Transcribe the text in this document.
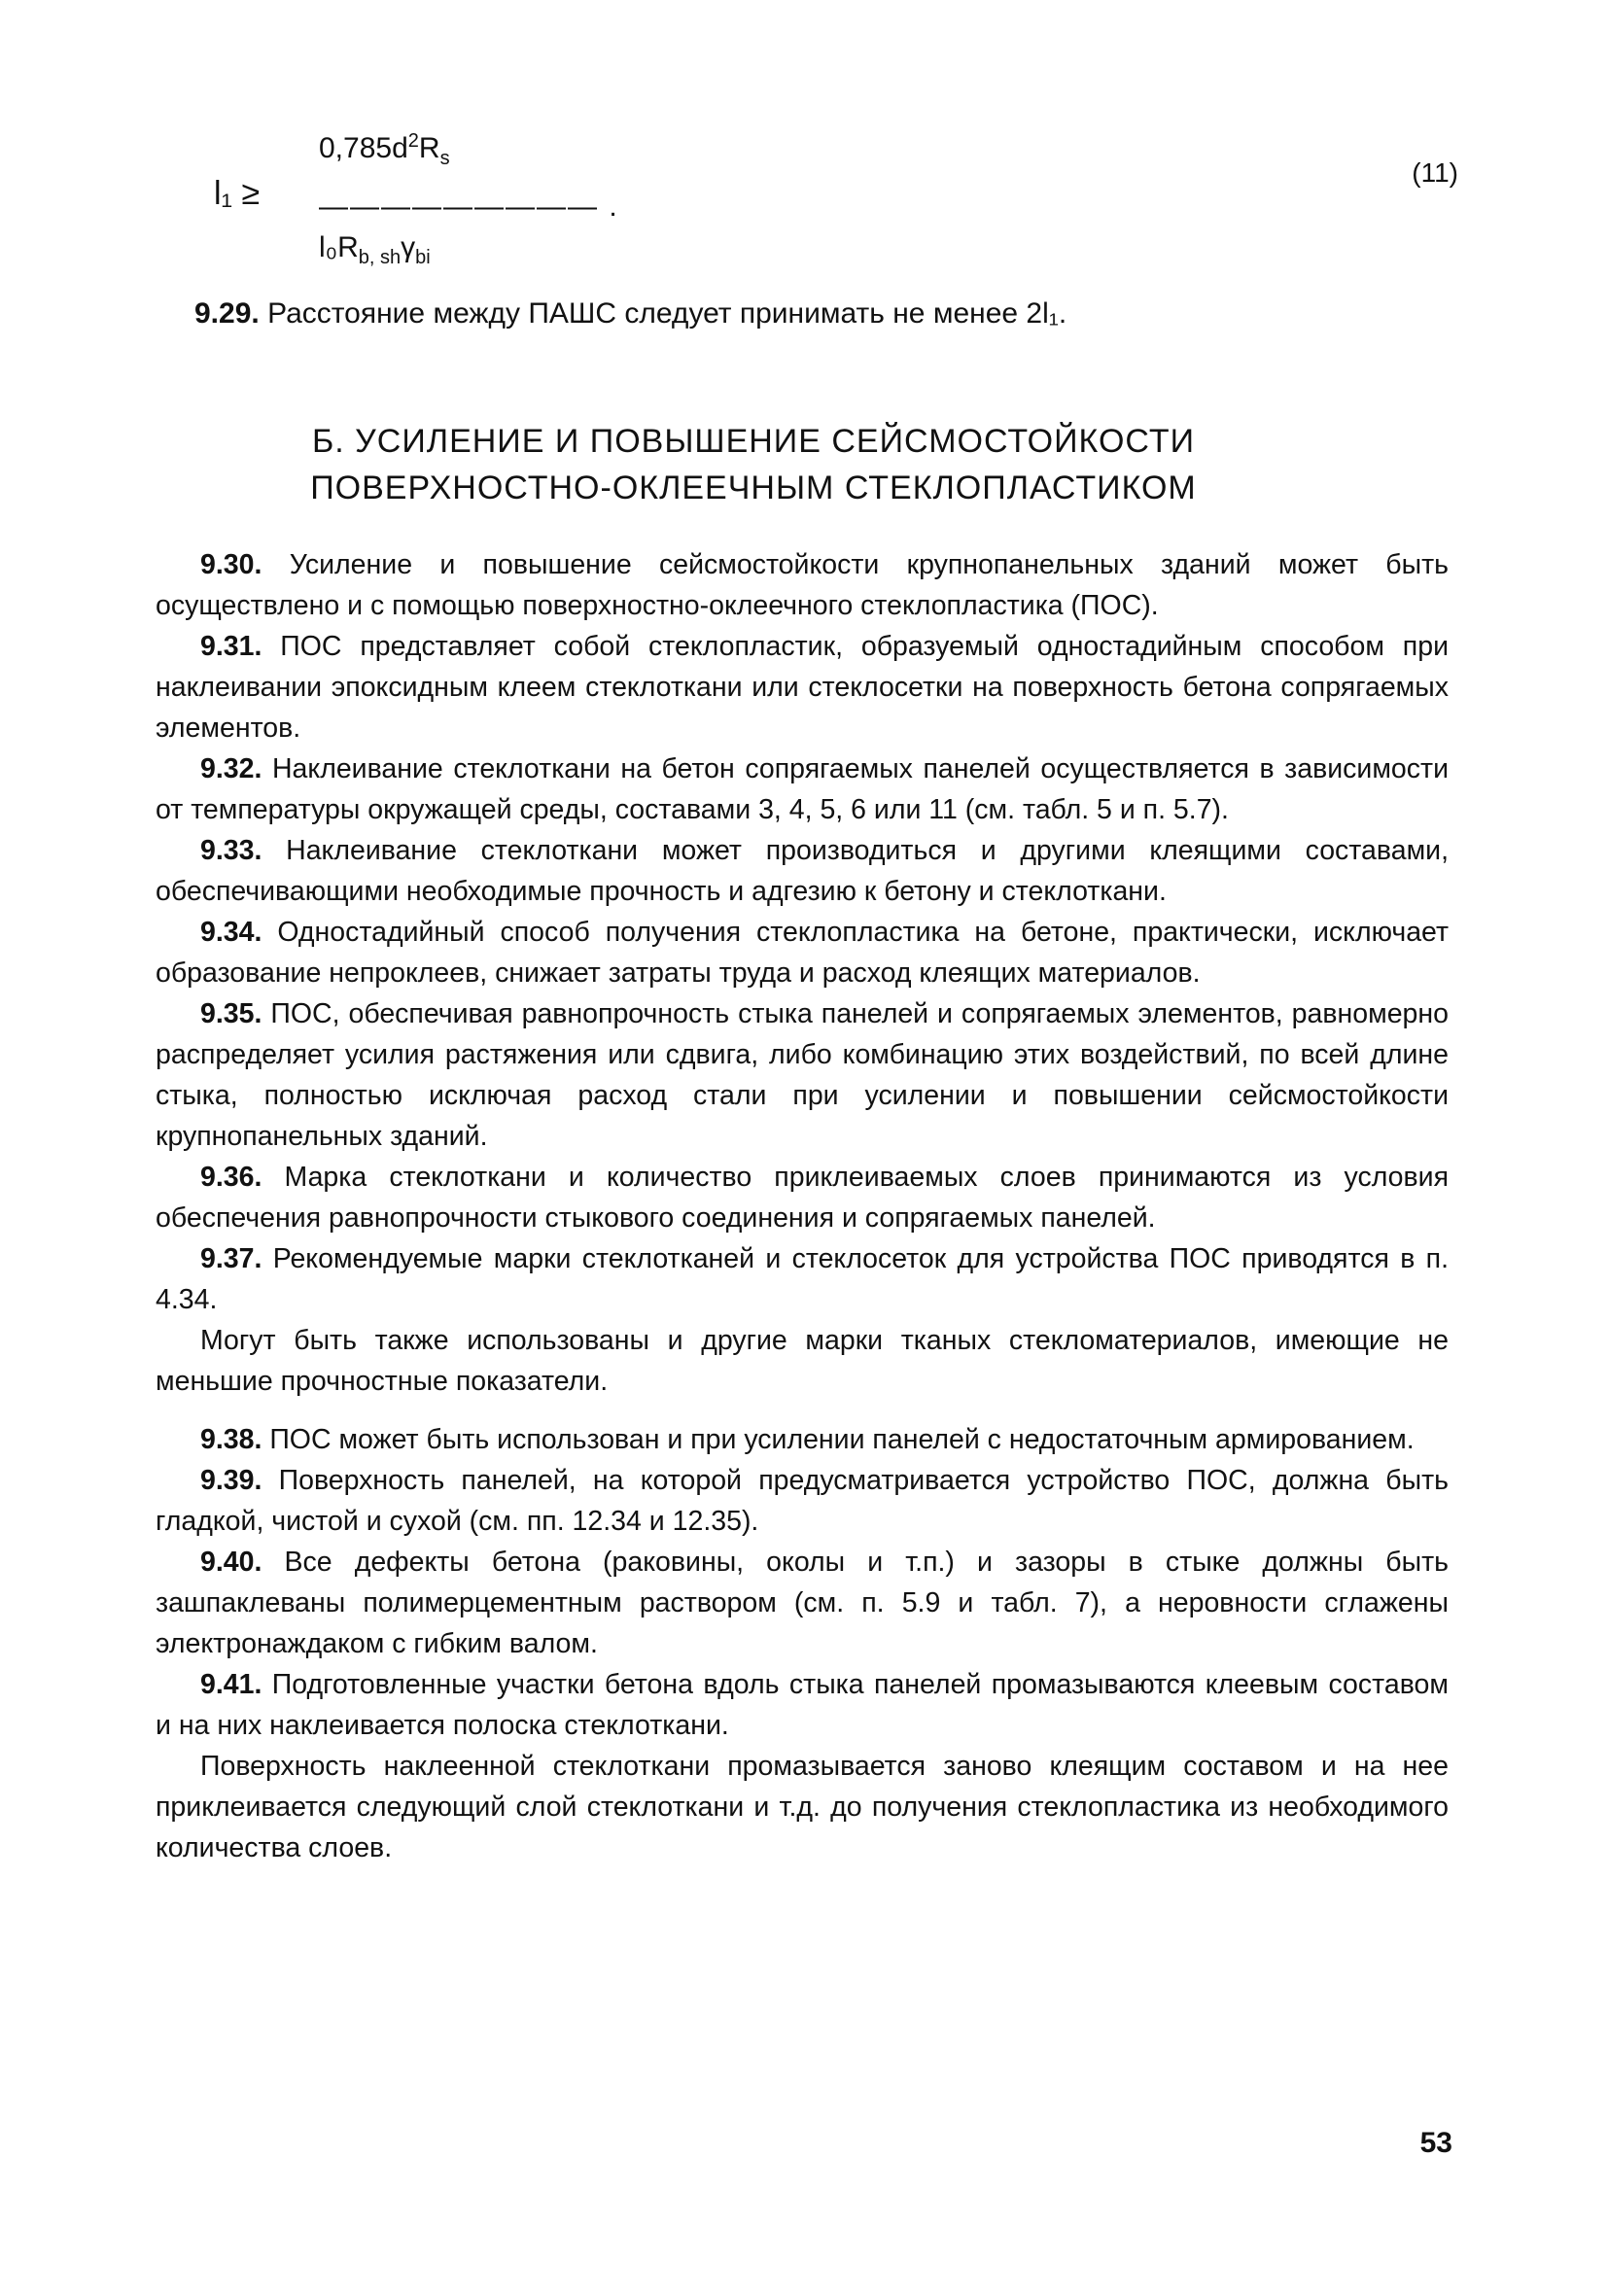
l₁ ≥
$0,785d^2R_s$
――――――――― .
$l_0R_{b, sh}\gamma_{bi}$
(11)
9.29. Расстояние между ПАШС следует принимать не менее 2l₁.
Б. УСИЛЕНИЕ И ПОВЫШЕНИЕ СЕЙСМОСТОЙКОСТИ
ПОВЕРХНОСТНО-ОКЛЕЕЧНЫМ СТЕКЛОПЛАСТИКОМ

9.30. Усиление и повышение сейсмостойкости крупнопанельных зданий может быть осуществлено и с помощью поверхностно-оклеечного стеклопластика (ПОС).

9.31. ПОС представляет собой стеклопластик, образуемый одностадийным способом при наклеивании эпоксидным клеем стеклоткани или стеклосетки на поверхность бетона сопрягаемых элементов.

9.32. Наклеивание стеклоткани на бетон сопрягаемых панелей осуществляется в зависимости от температуры окружащей среды, составами 3, 4, 5, 6 или 11 (см. табл. 5 и п. 5.7).

9.33. Наклеивание стеклоткани может производиться и другими клеящими составами, обеспечивающими необходимые прочность и адгезию к бетону и стеклоткани.

9.34. Одностадийный способ получения стеклопластика на бетоне, практически, исключает образование непроклеев, снижает затраты труда и расход клеящих материалов.

9.35. ПОС, обеспечивая равнопрочность стыка панелей и сопрягаемых элементов, равномерно распределяет усилия растяжения или сдвига, либо комбинацию этих воздействий, по всей длине стыка, полностью исключая расход стали при усилении и повышении сейсмостойкости крупнопанельных зданий.

9.36. Марка стеклоткани и количество приклеиваемых слоев принимаются из условия обеспечения равнопрочности стыкового соединения и сопрягаемых панелей.

9.37. Рекомендуемые марки стеклотканей и стеклосеток для устройства ПОС приводятся в п. 4.34.

Могут быть также использованы и другие марки тканых стекломатериалов, имеющие не меньшие прочностные показатели.

9.38. ПОС может быть использован и при усилении панелей с недостаточным армированием.

9.39. Поверхность панелей, на которой предусматривается устройство ПОС, должна быть гладкой, чистой и сухой (см. пп. 12.34 и 12.35).

9.40. Все дефекты бетона (раковины, околы и т.п.) и зазоры в стыке должны быть зашпаклеваны полимерцементным раствором (см. п. 5.9 и табл. 7), а неровности сглажены электронаждаком с гибким валом.

9.41. Подготовленные участки бетона вдоль стыка панелей промазываются клеевым составом и на них наклеивается полоска стеклоткани.

Поверхность наклеенной стеклоткани промазывается заново клеящим составом и на нее приклеивается следующий слой стеклоткани и т.д. до получения стеклопластика из необходимого количества слоев.

53
